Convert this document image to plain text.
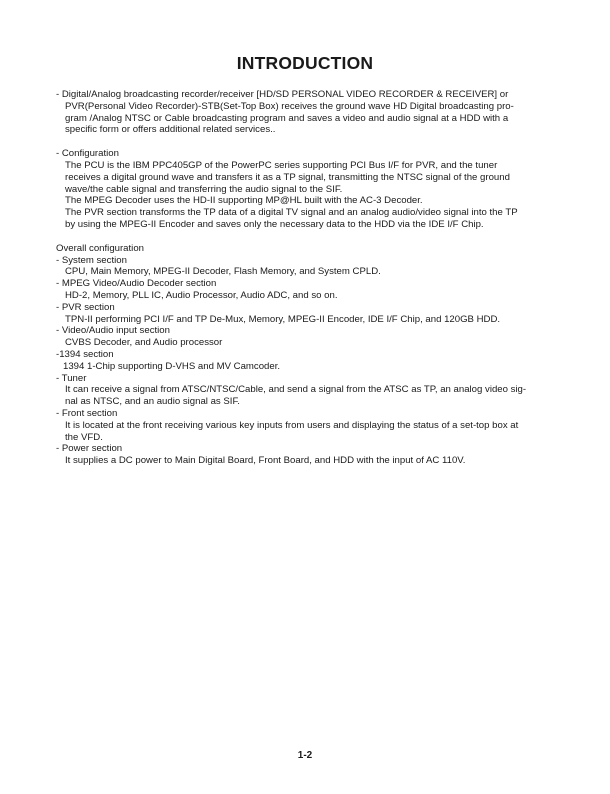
INTRODUCTION
- Digital/Analog broadcasting recorder/receiver [HD/SD PERSONAL VIDEO RECORDER & RECEIVER] or
PVR(Personal Video Recorder)-STB(Set-Top Box) receives the ground wave HD Digital broadcasting pro-
gram /Analog NTSC or Cable broadcasting program and saves a video and audio signal at a HDD with a
specific form or offers additional related services..
- Configuration
The PCU is the IBM PPC405GP of the PowerPC series supporting PCI Bus I/F for PVR, and the tuner
receives a digital ground wave and transfers it as a TP signal, transmitting the NTSC signal of the ground
wave/the cable signal and transferring the audio signal to the SIF.
The MPEG Decoder uses the HD-II supporting MP@HL built with the AC-3 Decoder.
The PVR section transforms the TP data of a digital TV signal and an analog audio/video signal into the TP
by using the MPEG-II Encoder and saves only the necessary data to the HDD via the IDE I/F Chip.
Overall configuration
- System section
CPU, Main Memory, MPEG-II Decoder, Flash Memory, and System CPLD.
- MPEG Video/Audio Decoder section
HD-2, Memory, PLL IC, Audio Processor, Audio ADC, and so on.
- PVR section
TPN-II performing PCI I/F and TP De-Mux, Memory, MPEG-II Encoder, IDE I/F Chip, and 120GB HDD.
- Video/Audio input section
CVBS Decoder, and Audio processor
-1394 section
1394 1-Chip supporting D-VHS and MV Camcoder.
- Tuner
It can receive a signal from ATSC/NTSC/Cable, and send a signal from the ATSC as TP, an analog video sig-
nal as NTSC, and an audio signal as SIF.
- Front section
It is located at the front receiving various key inputs from users and displaying the status of a set-top box at
the VFD.
- Power section
It supplies a DC power to Main Digital Board, Front Board, and HDD with the input of AC 110V.
1-2
